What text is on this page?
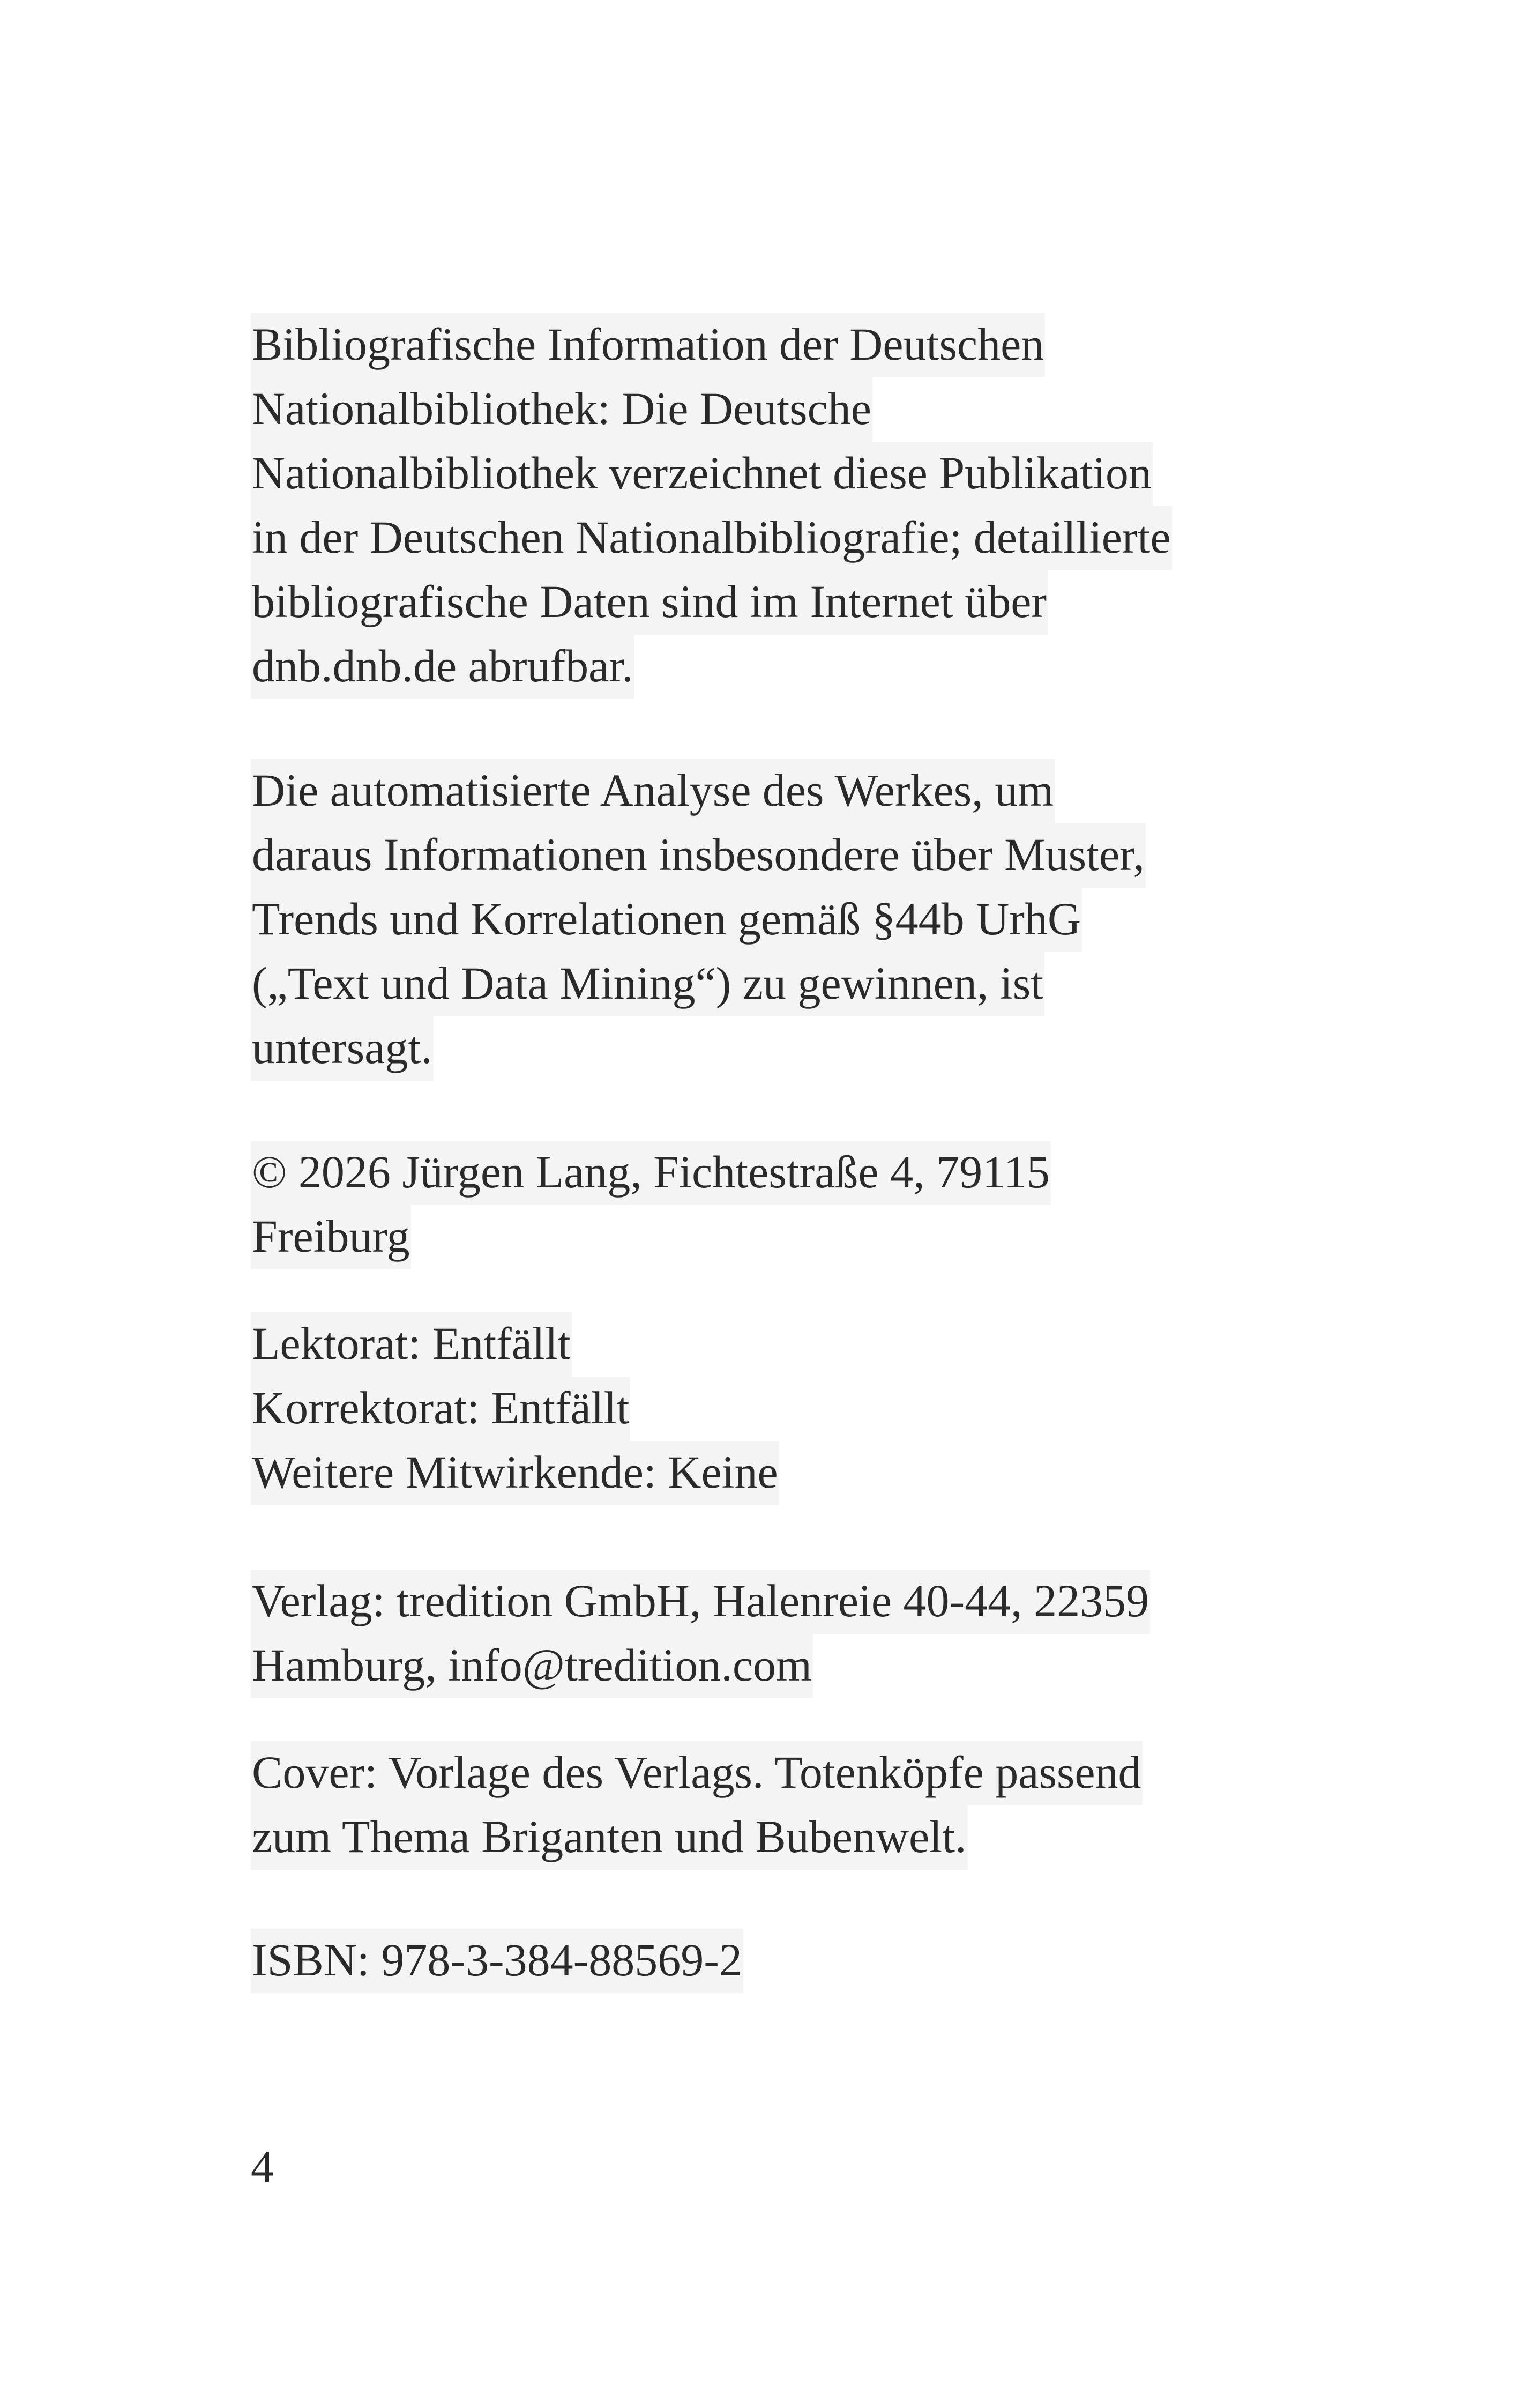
Bibliografische Information der Deutschen
Nationalbibliothek: Die Deutsche
Nationalbibliothek verzeichnet diese Publikation
in der Deutschen Nationalbibliografie; detaillierte
bibliografische Daten sind im Internet über
dnb.dnb.de abrufbar.
Die automatisierte Analyse des Werkes, um
daraus Informationen insbesondere über Muster,
Trends und Korrelationen gemäß §44b UrhG
(„Text und Data Mining“) zu gewinnen, ist
untersagt.
© 2026 Jürgen Lang, Fichtestraße 4, 79115
Freiburg
Lektorat: Entfällt
Korrektorat: Entfällt
Weitere Mitwirkende: Keine
Verlag: tredition GmbH, Halenreie 40-44, 22359
Hamburg, info@tredition.com
Cover: Vorlage des Verlags. Totenköpfe passend
zum Thema Briganten und Bubenwelt.
ISBN: 978-3-384-88569-2

4
